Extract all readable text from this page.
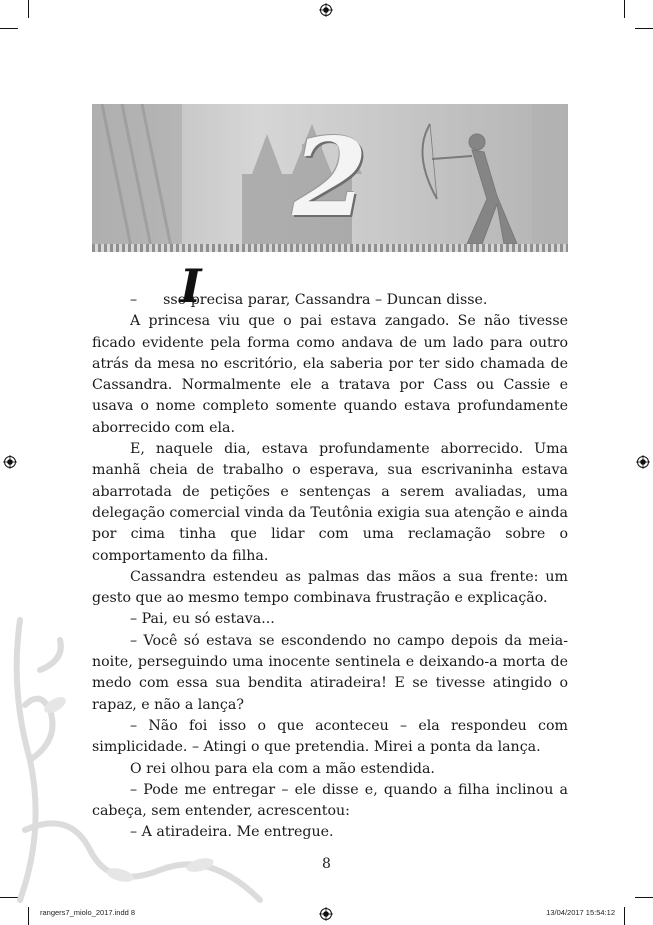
2

I
– sso precisa parar, Cassandra – Duncan disse.

A princesa viu que o pai estava zangado. Se não tivesse ficado evidente pela forma como andava de um lado para outro atrás da mesa no escritório, ela saberia por ter sido chamada de Cassandra. Normalmente ele a tratava por Cass ou Cassie e usava o nome completo somente quando estava profundamente aborrecido com ela.

E, naquele dia, estava profundamente aborrecido. Uma manhã cheia de trabalho o esperava, sua escrivaninha estava abarrotada de petições e sentenças a serem avaliadas, uma delegação comercial vinda da Teutônia exigia sua atenção e ainda por cima tinha que lidar com uma reclamação sobre o comportamento da filha.

Cassandra estendeu as palmas das mãos a sua frente: um gesto que ao mesmo tempo combinava frustração e explicação.

– Pai, eu só estava...

– Você só estava se escondendo no campo depois da meia-noite, perseguindo uma inocente sentinela e deixando-a morta de medo com essa sua bendita atiradeira! E se tivesse atingido o rapaz, e não a lança?

– Não foi isso o que aconteceu – ela respondeu com simplicidade. – Atingi o que pretendia. Mirei a ponta da lança.

O rei olhou para ela com a mão estendida.

– Pode me entregar – ele disse e, quando a filha inclinou a cabeça, sem entender, acrescentou:

– A atiradeira. Me entregue.

8
rangers7_miolo_2017.indd 8	13/04/2017 15:54:12
